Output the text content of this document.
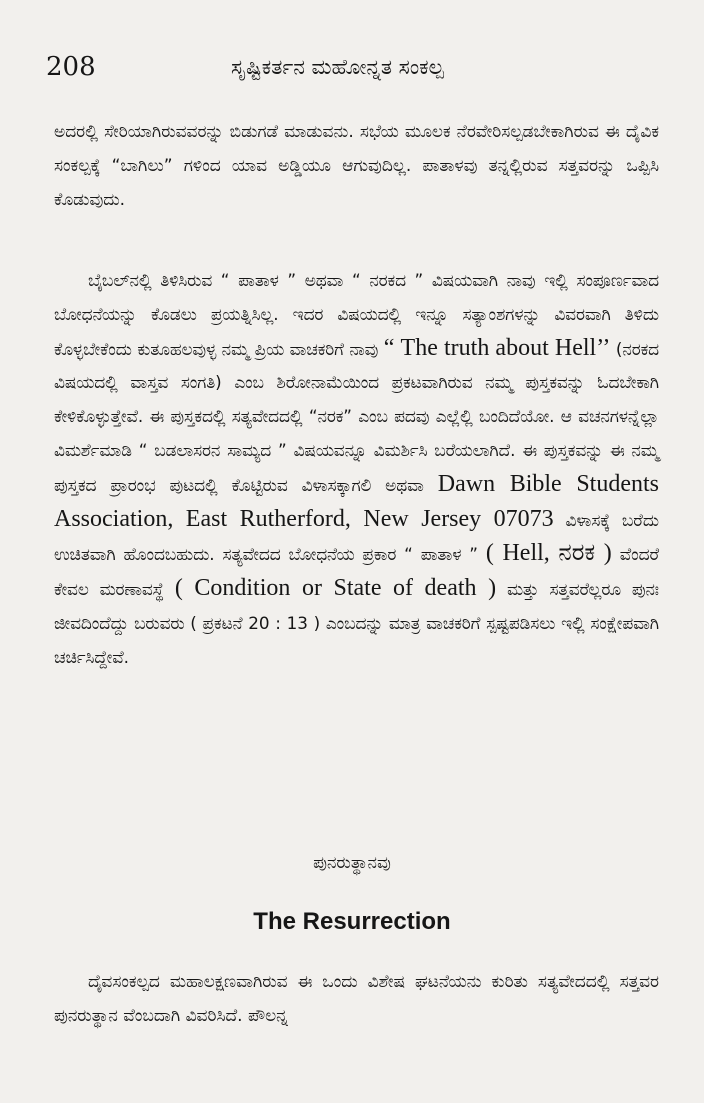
208	ಸೃಷ್ಟಿಕರ್ತನ ಮಹೋನ್ನತ ಸಂಕಲ್ಪ

ಅದರಲ್ಲಿ ಸೇರಿಯಾಗಿರುವವರನ್ನು ಬಿಡುಗಡೆ ಮಾಡುವನು. ಸಭೆಯ ಮೂಲಕ ನೆರವೇರಿಸಲ್ಪಡಬೇಕಾಗಿರುವ ಈ ದೈವಿಕ ಸಂಕಲ್ಪಕ್ಕೆ “ಬಾಗಿಲು” ಗಳಿಂದ ಯಾವ ಅಡ್ಡಿಯೂ ಆಗುವುದಿಲ್ಲ. ಪಾತಾಳವು ತನ್ನಲ್ಲಿರುವ ಸತ್ತವರನ್ನು ಒಪ್ಪಿಸಿ ಕೊಡುವುದು.

ಬೈಬಲ್‌ನಲ್ಲಿ ತಿಳಿಸಿರುವ “ ಪಾತಾಳ ” ಅಥವಾ “ ನರಕದ ” ವಿಷಯವಾಗಿ ನಾವು ಇಲ್ಲಿ ಸಂಪೂರ್ಣವಾದ ಬೋಧನೆಯನ್ನು ಕೊಡಲು ಪ್ರಯತ್ನಿಸಿಲ್ಲ. ಇದರ ವಿಷಯದಲ್ಲಿ ಇನ್ನೂ ಸತ್ಯಾಂಶಗಳನ್ನು ವಿವರವಾಗಿ ತಿಳಿದು ಕೊಳ್ಳಬೇಕೆಂದು ಕುತೂಹಲವುಳ್ಳ ನಮ್ಮ ಪ್ರಿಯ ವಾಚಕರಿಗೆ ನಾವು “ The truth about Hell’’ (ನರಕದ ವಿಷಯದಲ್ಲಿ ವಾಸ್ತವ ಸಂಗತಿ) ಎಂಬ ಶಿರೋನಾಮೆಯಿಂದ ಪ್ರಕಟವಾಗಿರುವ ನಮ್ಮ ಪುಸ್ತಕವನ್ನು ಓದಬೇಕಾಗಿ ಕೇಳಿಕೊಳ್ಳುತ್ತೇವೆ. ಈ ಪುಸ್ತಕದಲ್ಲಿ ಸತ್ಯವೇದದಲ್ಲಿ “ನರಕ” ಎಂಬ ಪದವು ಎಲ್ಲೆಲ್ಲಿ ಬಂದಿದೆಯೋ. ಆ ವಚನಗಳನ್ನೆಲ್ಲಾ ವಿಮರ್ಶೆಮಾಡಿ “ ಬಡಲಾಸರನ ಸಾಮ್ಯದ ” ವಿಷಯವನ್ನೂ ವಿಮರ್ಶಿಸಿ ಬರೆಯಲಾಗಿದೆ. ಈ ಪುಸ್ತಕವನ್ನು ಈ ನಮ್ಮ ಪುಸ್ತಕದ ಪ್ರಾರಂಭ ಪುಟದಲ್ಲಿ ಕೊಟ್ಟಿರುವ ವಿಳಾಸಕ್ಕಾಗಲಿ ಅಥವಾ Dawn Bible Students Association, East Rutherford, New Jersey 07073 ವಿಳಾಸಕ್ಕೆ ಬರೆದು ಉಚಿತವಾಗಿ ಹೊಂದಬಹುದು. ಸತ್ಯವೇದದ ಬೋಧನೆಯ ಪ್ರಕಾರ “ ಪಾತಾಳ ” ( Hell, ನರಕ ) ವೆಂದರೆ ಕೇವಲ ಮರಣಾವಸ್ಥೆ ( Condition or State of death ) ಮತ್ತು ಸತ್ತವರೆಲ್ಲರೂ ಪುನಃ ಜೀವದಿಂದೆದ್ದು ಬರುವರು ( ಪ್ರಕಟನೆ 20 : 13 ) ಎಂಬದನ್ನು ಮಾತ್ರ ವಾಚಕರಿಗೆ ಸ್ಪಷ್ಟಪಡಿಸಲು ಇಲ್ಲಿ ಸಂಕ್ಷೇಪವಾಗಿ ಚರ್ಚಿಸಿದ್ದೇವೆ.

ಪುನರುತ್ಥಾನವು
The Resurrection

ದೈವಸಂಕಲ್ಪದ ಮಹಾಲಕ್ಷಣವಾಗಿರುವ ಈ ಒಂದು ವಿಶೇಷ ಘಟನೆಯನು ಕುರಿತು ಸತ್ಯವೇದದಲ್ಲಿ ಸತ್ತವರ ಪುನರುತ್ಥಾನ ವೆಂಬದಾಗಿ ವಿವರಿಸಿದೆ. ಪೌಲನ್ನ
